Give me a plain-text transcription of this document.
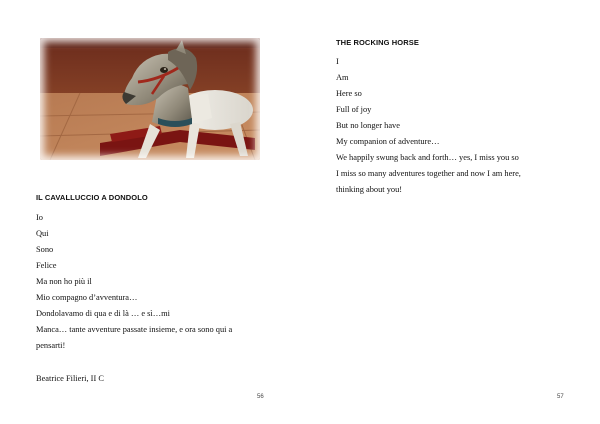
IL CAVALLUCCIO A DONDOLO
Io
Qui
Sono
Felice
Ma non ho più il
Mio compagno d’avventura…
Dondolavamo di qua e di là … e sì…mi
Manca… tante avventure passate insieme, e ora sono qui a
pensarti!
Beatrice Filieri, II C
56
THE ROCKING HORSE
I
Am
Here so
Full of joy
But no longer have
My companion of adventure…
We happily swung back and forth… yes, I miss you so
I miss so many adventures together and now I am here,
thinking about you!
57
